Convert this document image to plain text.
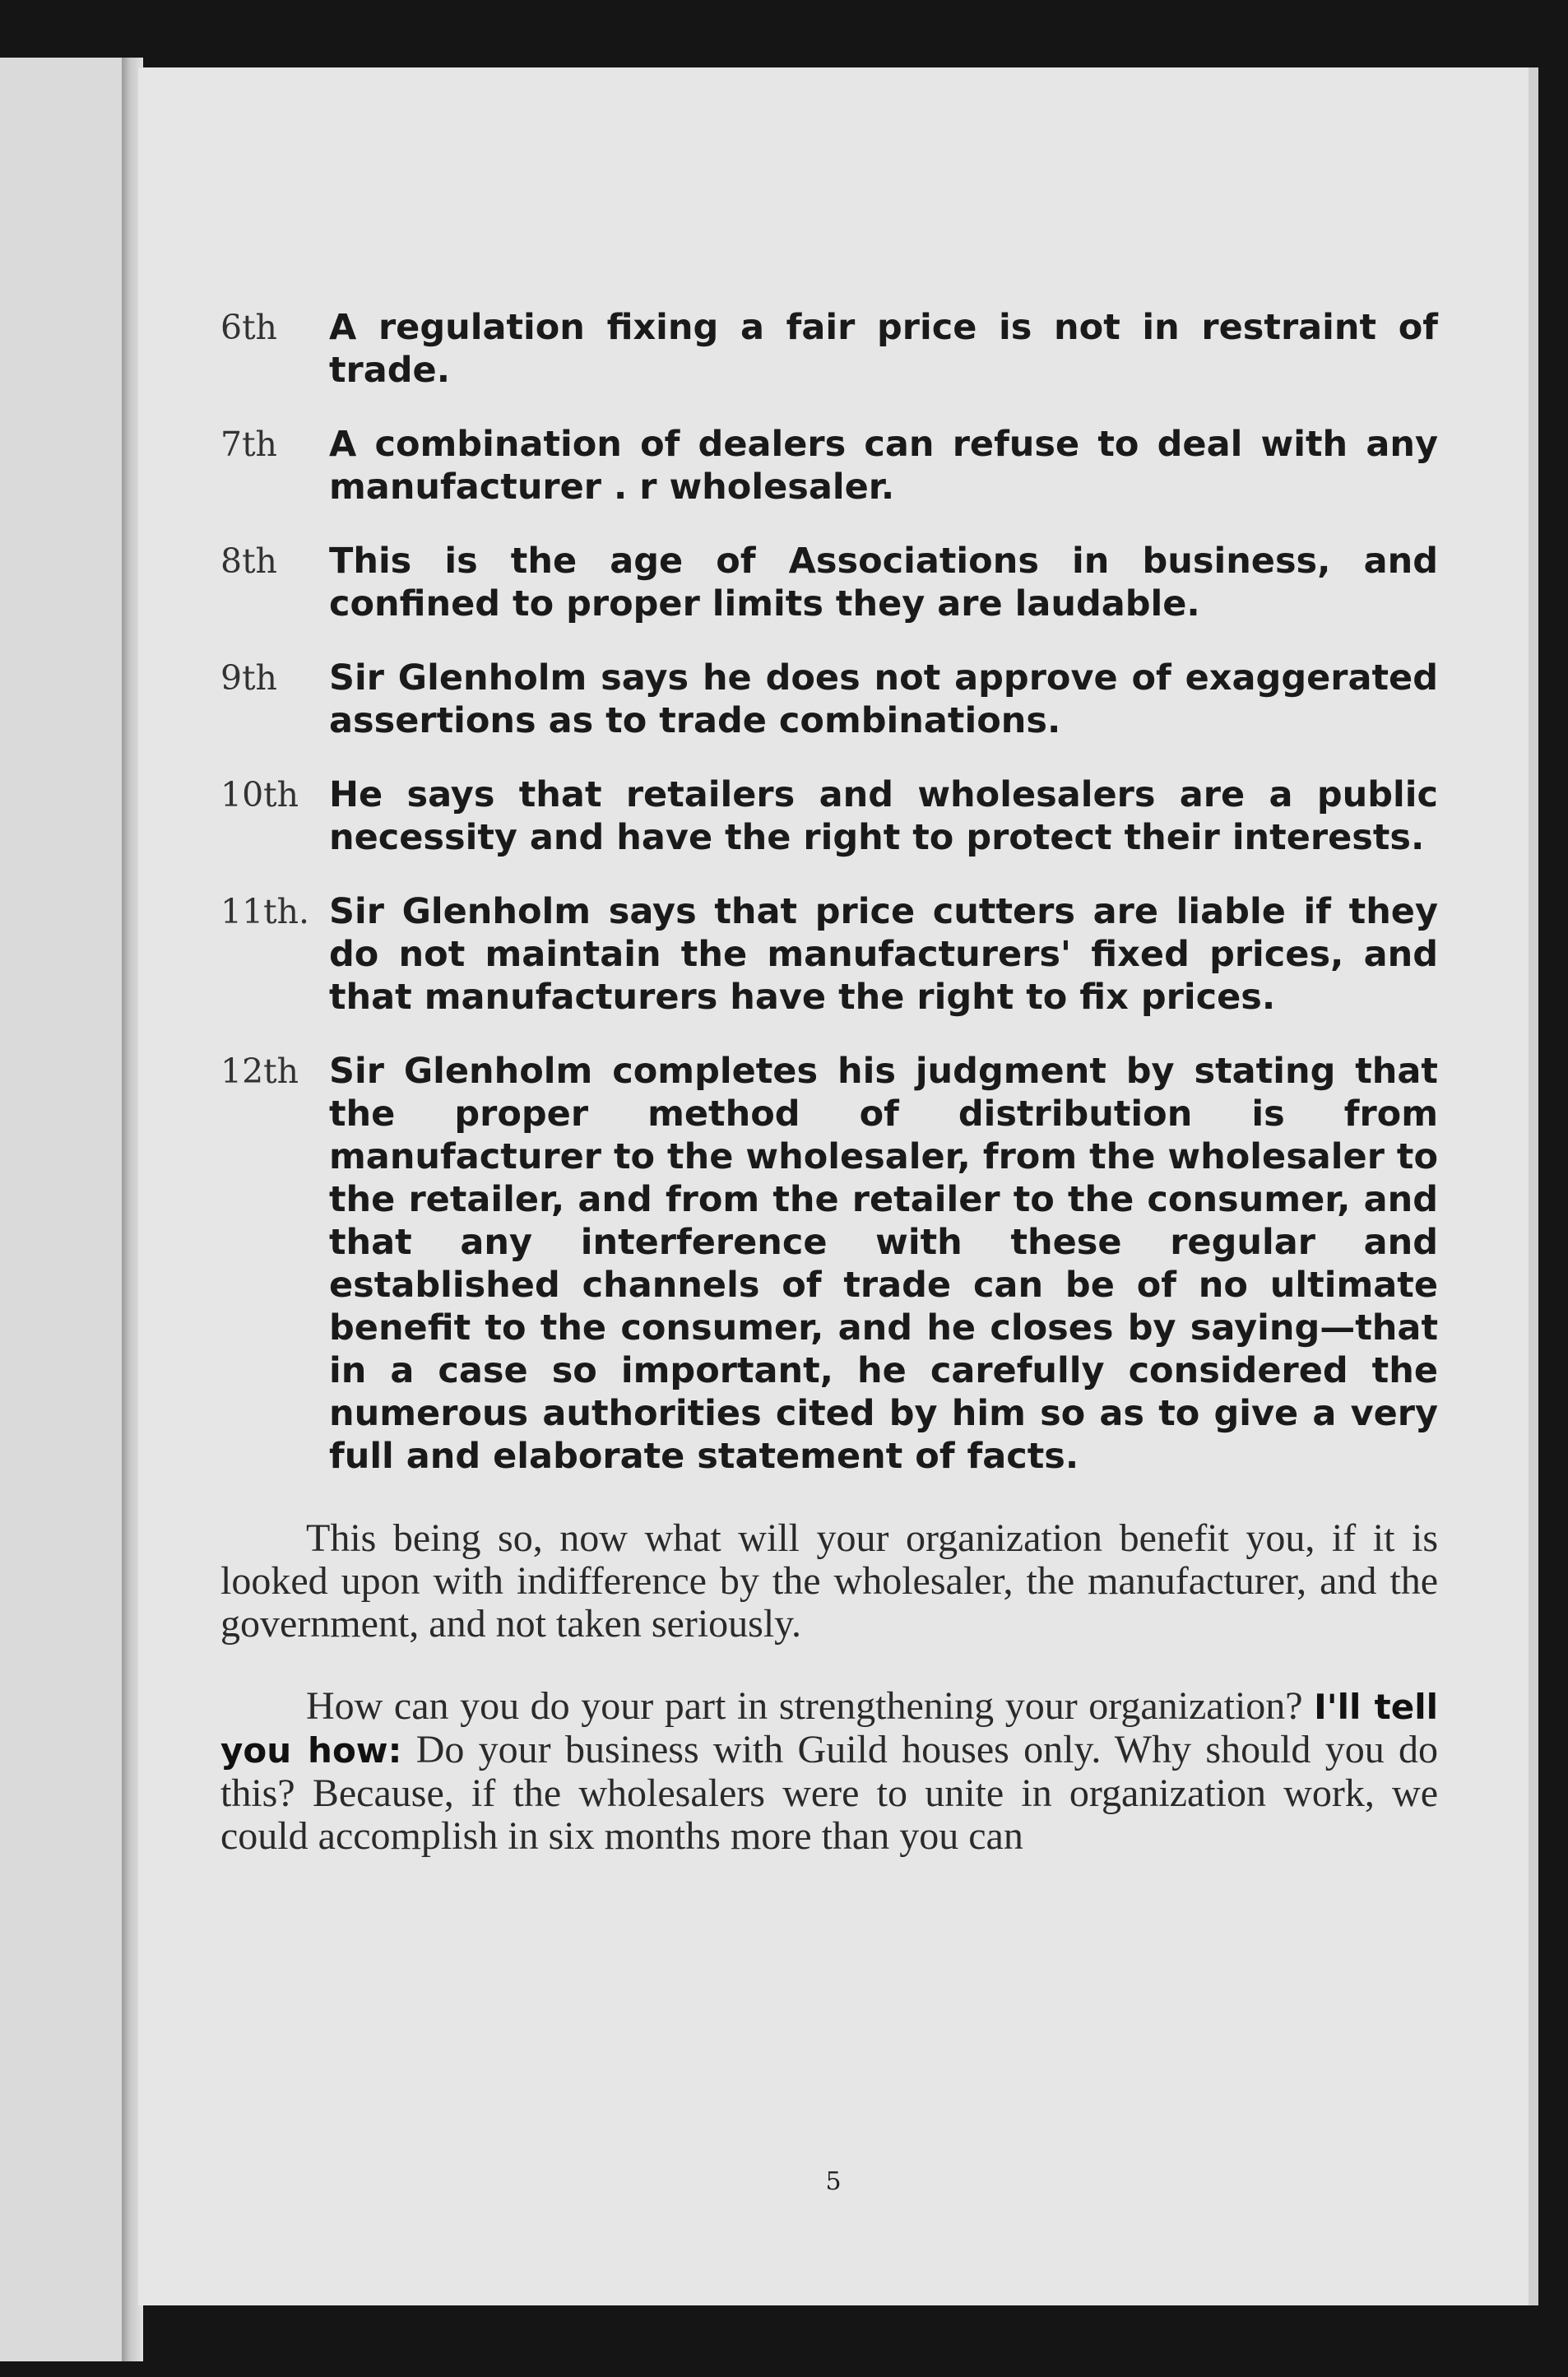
6th	A regulation fixing a fair price is not in restraint of trade.
7th	A combination of dealers can refuse to deal with any manufacturer . r wholesaler.
8th	This is the age of Associations in business, and confined to proper limits they are laudable.
9th	Sir Glenholm says he does not approve of exaggerated assertions as to trade combinations.
10th He says that retailers and wholesalers are a public necessity and have the right to protect their interests.
11th. Sir Glenholm says that price cutters are liable if they do not maintain the manufacturers' fixed prices, and that manufacturers have the right to fix prices.
12th Sir Glenholm completes his judgment by stating that the proper method of distribution is from manufacturer to the wholesaler, from the wholesaler to the retailer, and from the retailer to the consumer, and that any interference with these regular and established channels of trade can be of no ultimate benefit to the consumer, and he closes by saying—that in a case so important, he carefully considered the numerous authorities cited by him so as to give a very full and elaborate statement of facts.

This being so, now what will your organization benefit you, if it is looked upon with indifference by the wholesaler, the manufacturer, and the government, and not taken seriously.

How can you do your part in strengthening your organization? I'll tell you how: Do your business with Guild houses only. Why should you do this? Because, if the wholesalers were to unite in organization work, we could accomplish in six months more than you can

5
